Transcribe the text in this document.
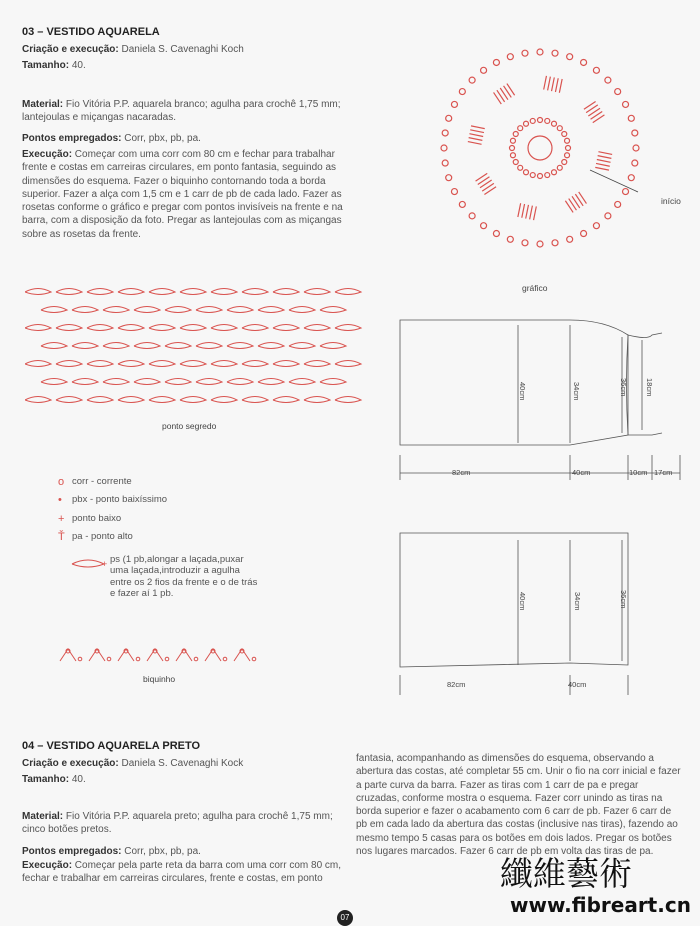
03 – VESTIDO AQUARELA
Criação e execução: Daniela S. Cavenaghi Koch
Tamanho: 40.
Material: Fio Vitória P.P. aquarela branco; agulha para crochê 1,75 mm; lantejoulas e miçangas nacaradas.
Pontos empregados: Corr, pbx, pb, pa.
Execução: Começar com uma corr com 80 cm e fechar para trabalhar frente e costas em carreiras circulares, em ponto fantasia, seguindo as dimensões do esquema. Fazer o biquinho contornando toda a borda superior. Fazer a alça com 1,5 cm e 1 carr de pb de cada lado. Fazer as rosetas conforme o gráfico e pregar com pontos invisíveis na frente e na barra, com a disposição da foto. Pregar as lantejoulas com as miçangas sobre as rosetas da frente.
início
gráfico
ponto segredo
o corr - corrente
• pbx - ponto baixíssimo
+ ponto baixo
Ť pa - ponto alto
+ ps (1 pb,alongar a laçada,puxar uma laçada,introduzir a agulha entre os 2 fios da frente e o de trás e fazer aí 1 pb.
biquinho
40cm	34cm	36cm 18cm
82cm	40cm	10cm 17cm
40cm	34cm	36cm
82cm	40cm
04 – VESTIDO AQUARELA PRETO
Criação e execução: Daniela S. Cavenaghi Kock
Tamanho: 40.
Material: Fio Vitória P.P. aquarela preto; agulha para crochê 1,75 mm; cinco botões pretos.
Pontos empregados: Corr, pbx, pb, pa.
Execução: Começar pela parte reta da barra com uma corr com 80 cm, fechar e trabalhar em carreiras circulares, frente e costas, em ponto
fantasia, acompanhando as dimensões do esquema, observando a abertura das costas, até completar 55 cm. Unir o fio na corr inicial e fazer a parte curva da barra. Fazer as tiras com 1 carr de pa e pregar cruzadas, conforme mostra o esquema. Fazer corr unindo as tiras na borda superior e fazer o acabamento com 6 carr de pb. Fazer 6 carr de pb em cada lado da abertura das costas (inclusive nas tiras), fazendo ao mesmo tempo 5 casas para os botões em dois lados. Pregar os botões nos lugares marcados. Fazer 6 carr de pb em volta das tiras de pa.
07
纖維藝術
www.fibreart.cn
